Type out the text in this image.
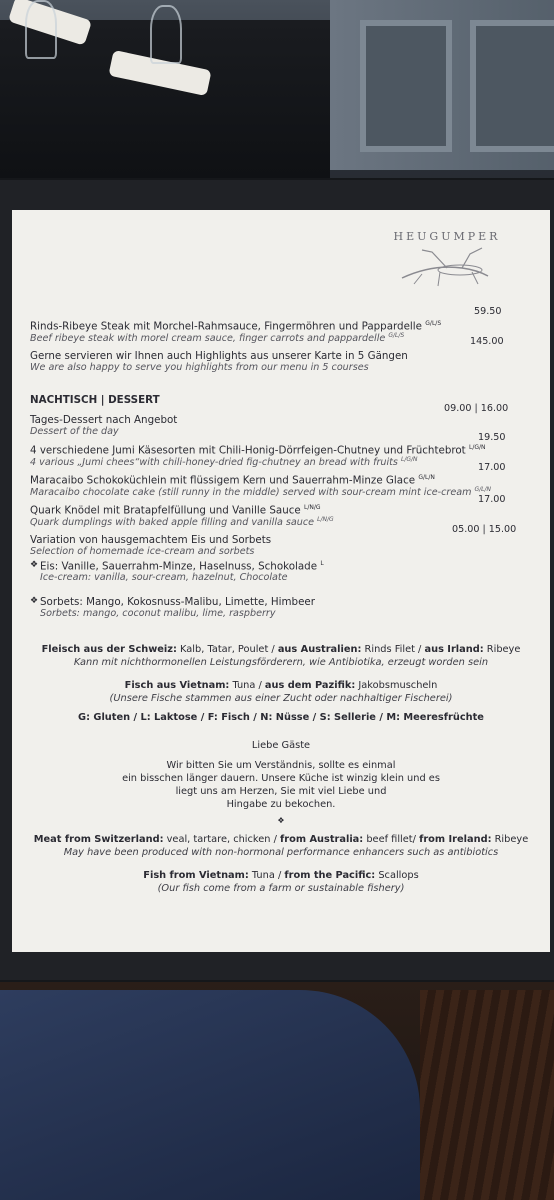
HEUGUMPER
59.50
Rinds-Ribeye Steak mit Morchel-Rahmsauce, Fingermöhren und Pappardelle $^{G/L/S}$
Beef ribeye steak with morel cream sauce, finger carrots and pappardelle $^{G/L/S}$
145.00
Gerne servieren wir Ihnen auch Highlights aus unserer Karte in 5 Gängen
We are also happy to serve you highlights from our menu in 5 courses
NACHTISCH | DESSERT
09.00 | 16.00
Tages-Dessert nach Angebot
Dessert of the day
19.50
4 verschiedene Jumi Käsesorten mit Chili-Honig-Dörrfeigen-Chutney und Früchtebrot $^{L/G/N}$
4 various „Jumi chees“with chili-honey-dried fig-chutney an bread with fruits $^{L/G/N}$
17.00
Maracaibo Schokoküchlein mit flüssigem Kern und Sauerrahm-Minze Glace $^{G/L/N}$
Maracaibo chocolate cake (still runny in the middle) served with sour-cream mint ice-cream $^{G/L/N}$
17.00
Quark Knödel mit Bratapfelfüllung und Vanille Sauce $^{L/N/G}$
Quark dumplings with baked apple filling and vanilla sauce $^{L/N/G}$
05.00 | 15.00
Variation von hausgemachtem Eis und Sorbets
Selection of homemade ice-cream and sorbets
❖ Eis: Vanille, Sauerrahm-Minze, Haselnuss, Schokolade $^L$
Ice-cream: vanilla, sour-cream, hazelnut, Chocolate
❖ Sorbets: Mango, Kokosnuss-Malibu, Limette, Himbeer
Sorbets: mango, coconut malibu, lime, raspberry
Fleisch aus der Schweiz: Kalb, Tatar, Poulet / aus Australien: Rinds Filet / aus Irland: Ribeye
Kann mit nichthormonellen Leistungsförderern, wie Antibiotika, erzeugt worden sein
Fisch aus Vietnam: Tuna / aus dem Pazifik: Jakobsmuscheln
(Unsere Fische stammen aus einer Zucht oder nachhaltiger Fischerei)
G: Gluten / L: Laktose / F: Fisch / N: Nüsse / S: Sellerie / M: Meeresfrüchte
Liebe Gäste
Wir bitten Sie um Verständnis, sollte es einmal
ein bisschen länger dauern. Unsere Küche ist winzig klein und es
liegt uns am Herzen, Sie mit viel Liebe und
Hingabe zu bekochen.
❖
Meat from Switzerland: veal, tartare, chicken / from Australia: beef fillet/ from Ireland: Ribeye
May have been produced with non-hormonal performance enhancers such as antibiotics
Fish from Vietnam: Tuna / from the Pacific: Scallops
(Our fish come from a farm or sustainable fishery)
